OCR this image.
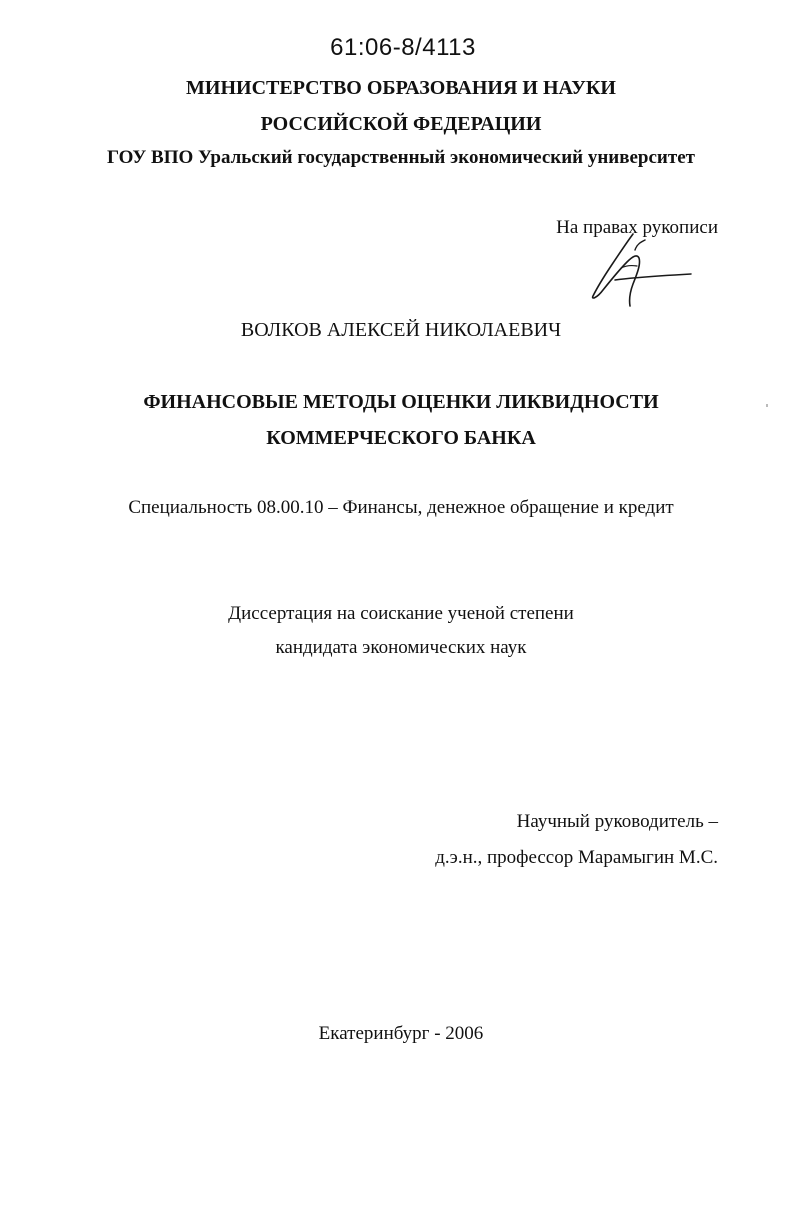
61:06-8/4113
МИНИСТЕРСТВО ОБРАЗОВАНИЯ И НАУКИ
РОССИЙСКОЙ ФЕДЕРАЦИИ
ГОУ ВПО Уральский государственный экономический университет
На правах рукописи
ВОЛКОВ АЛЕКСЕЙ НИКОЛАЕВИЧ
ФИНАНСОВЫЕ МЕТОДЫ ОЦЕНКИ ЛИКВИДНОСТИ
КОММЕРЧЕСКОГО БАНКА
Специальность 08.00.10 – Финансы, денежное обращение и кредит
Диссертация на соискание ученой степени
кандидата экономических наук
Научный руководитель –
д.э.н., профессор Марамыгин М.С.
Екатеринбург - 2006
